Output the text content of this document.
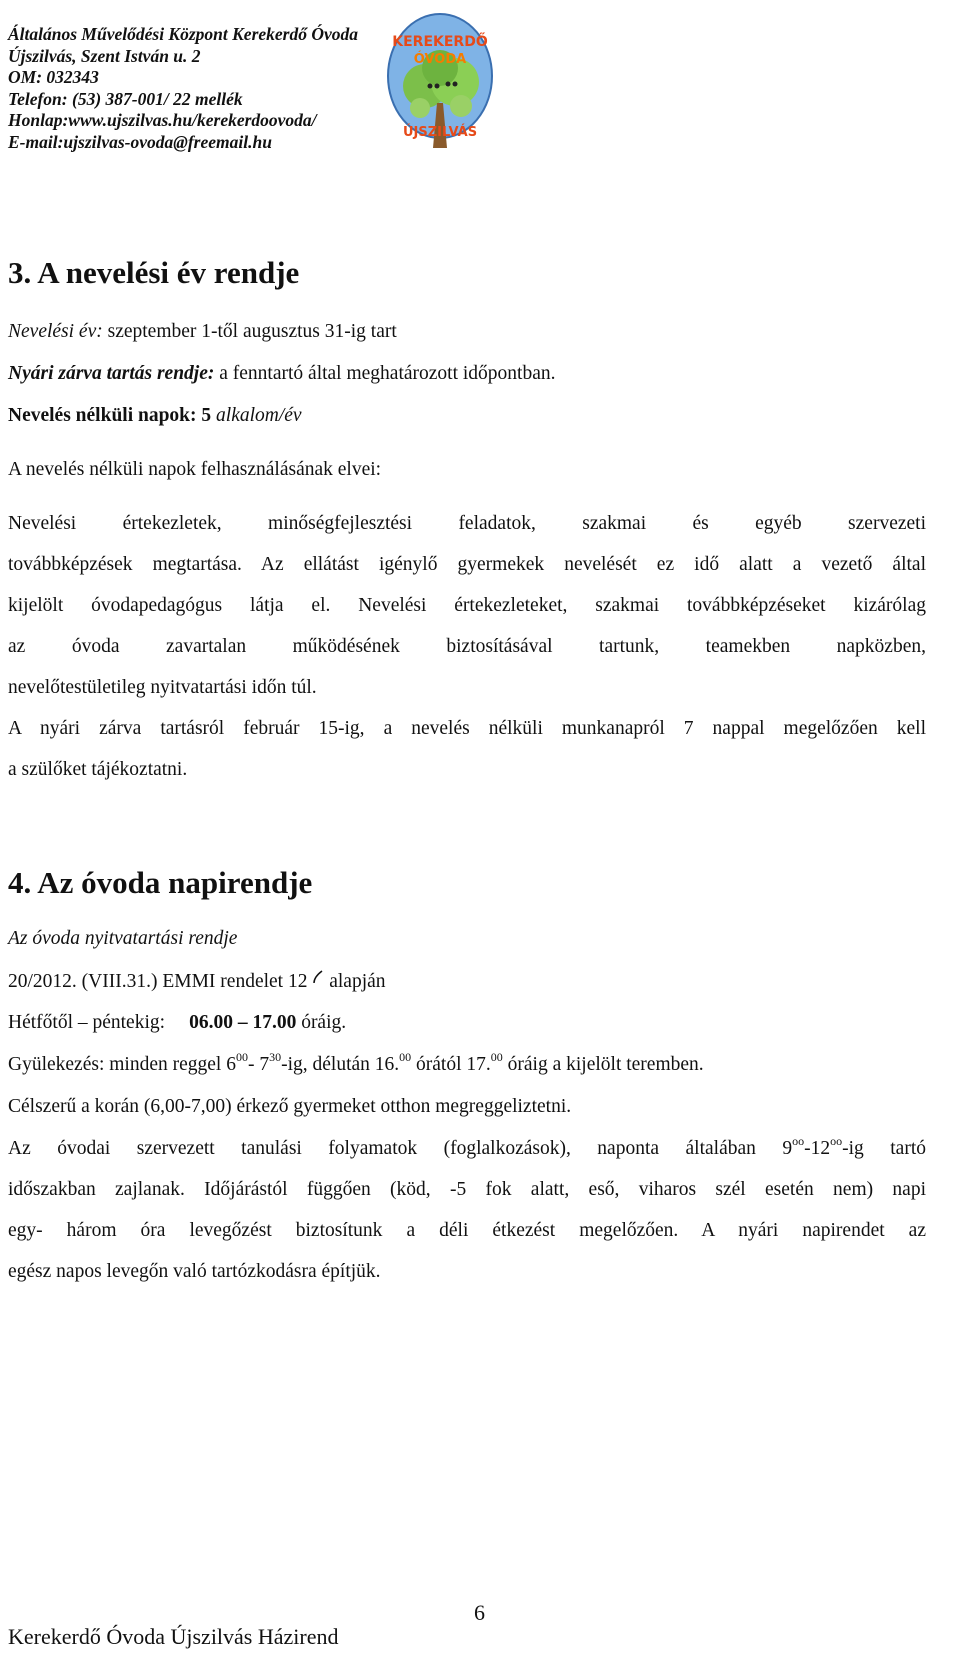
Általános Művelődési Központ Kerekerdő Óvoda
Újszilvás, Szent István u. 2
OM: 032343
Telefon: (53) 387-001/ 22 mellék
Honlap:www.ujszilvas.hu/kerekerdoovoda/
E-mail:ujszilvas-ovoda@freemail.hu
KEREKERDŐ
ÓVODA
ÚJSZILVÁS
3. A nevelési év rendje
Nevelési év: szeptember 1-től augusztus 31-ig tart
Nyári zárva tartás rendje: a fenntartó által meghatározott időpontban.
Nevelés nélküli napok: 5 alkalom/év
A nevelés nélküli napok felhasználásának elvei:
Nevelési értekezletek, minőségfejlesztési feladatok, szakmai és egyéb szervezeti
továbbképzések megtartása. Az ellátást igénylő gyermekek nevelését ez idő alatt a vezető által
kijelölt óvodapedagógus látja el. Nevelési értekezleteket, szakmai továbbképzéseket kizárólag
az óvoda zavartalan működésének biztosításával tartunk, teamekben napközben,
nevelőtestületileg nyitvatartási időn túl.
A nyári zárva tartásról február 15-ig, a nevelés nélküli munkanapról 7 nappal megelőzően kell
a szülőket tájékoztatni.
4. Az óvoda napirendje
Az óvoda nyitvatartási rendje
20/2012. (VIII.31.) EMMI rendelet 12  alapján
Hétfőtől – péntekig: 06.00 – 17.00 óráig.
Gyülekezés: minden reggel $6^{00}-$ $7^{30}-ig$, délután 16.00 órától 17.00 óráig a kijelölt teremben.
Célszerű a korán (6,00-7,00) érkező gyermeket otthon megreggeliztetni.
Az óvodai szervezett tanulási folyamatok (foglalkozások), naponta általában $9^{oo}-12^{oo}-ig$ tartó
időszakban zajlanak. Időjárástól függően (köd, -5 fok alatt, eső, viharos szél esetén nem) napi
egy- három óra levegőzést biztosítunk a déli étkezést megelőzően. A nyári napirendet az
egész napos levegőn való tartózkodásra építjük.
6
Kerekerdő Óvoda Újszilvás Házirend
